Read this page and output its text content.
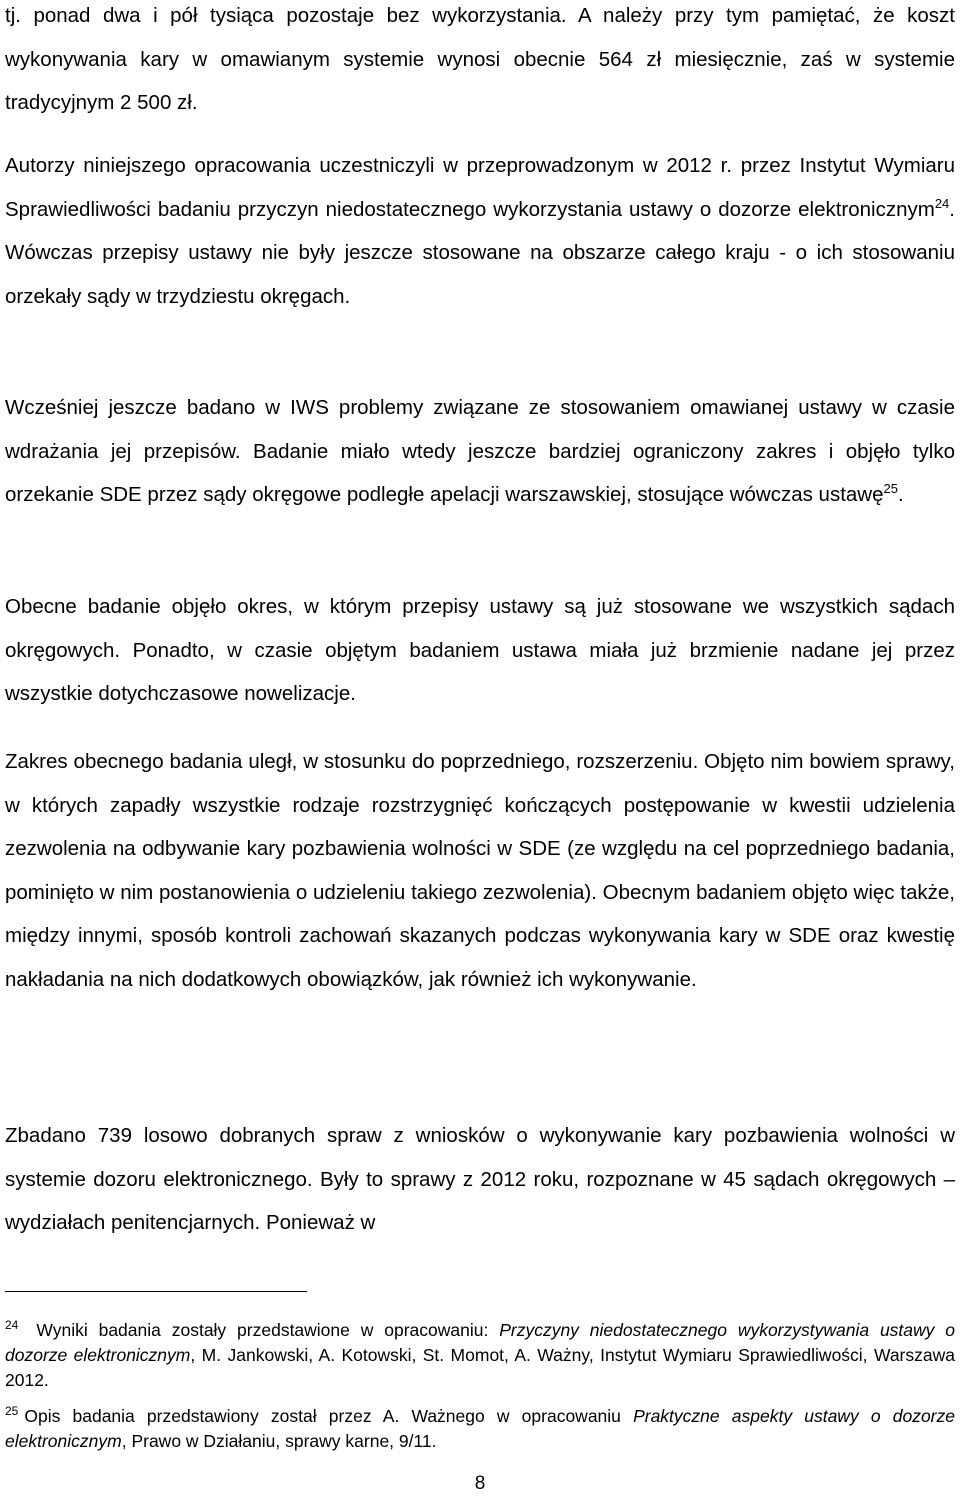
tj. ponad dwa i pół tysiąca pozostaje bez wykorzystania. A należy przy tym pamiętać, że koszt wykonywania kary w omawianym systemie wynosi obecnie 564 zł miesięcznie, zaś w systemie tradycyjnym 2 500 zł.

Autorzy niniejszego opracowania uczestniczyli w przeprowadzonym w 2012 r. przez Instytut Wymiaru Sprawiedliwości badaniu przyczyn niedostatecznego wykorzystania ustawy o dozorze elektronicznym$^{24}$. Wówczas przepisy ustawy nie były jeszcze stosowane na obszarze całego kraju - o ich stosowaniu orzekały sądy w trzydziestu okręgach.

Wcześniej jeszcze badano w IWS problemy związane ze stosowaniem omawianej ustawy w czasie wdrażania jej przepisów. Badanie miało wtedy jeszcze bardziej ograniczony zakres i objęło tylko orzekanie SDE przez sądy okręgowe podległe apelacji warszawskiej, stosujące wówczas ustawę$^{25}$.

Obecne badanie objęło okres, w którym przepisy ustawy są już stosowane we wszystkich sądach okręgowych. Ponadto, w czasie objętym badaniem ustawa miała już brzmienie nadane jej przez wszystkie dotychczasowe nowelizacje.

Zakres obecnego badania uległ, w stosunku do poprzedniego, rozszerzeniu. Objęto nim bowiem sprawy, w których zapadły wszystkie rodzaje rozstrzygnięć kończących postępowanie w kwestii udzielenia zezwolenia na odbywanie kary pozbawienia wolności w SDE (ze względu na cel poprzedniego badania, pominięto w nim postanowienia o udzieleniu takiego zezwolenia). Obecnym badaniem objęto więc także, między innymi, sposób kontroli zachowań skazanych podczas wykonywania kary w SDE oraz kwestię nakładania na nich dodatkowych obowiązków, jak również ich wykonywanie.

Zbadano 739 losowo dobranych spraw z wniosków o wykonywanie kary pozbawienia wolności w systemie dozoru elektronicznego. Były to sprawy z 2012 roku, rozpoznane w 45 sądach okręgowych – wydziałach penitencjarnych. Ponieważ w

$^{24}$ Wyniki badania zostały przedstawione w opracowaniu: Przyczyny niedostatecznego wykorzystywania ustawy o dozorze elektronicznym, M. Jankowski, A. Kotowski, St. Momot, A. Ważny, Instytut Wymiaru Sprawiedliwości, Warszawa 2012.

$^{25}$ Opis badania przedstawiony został przez A. Ważnego w opracowaniu Praktyczne aspekty ustawy o dozorze elektronicznym, Prawo w Działaniu, sprawy karne, 9/11.

8
